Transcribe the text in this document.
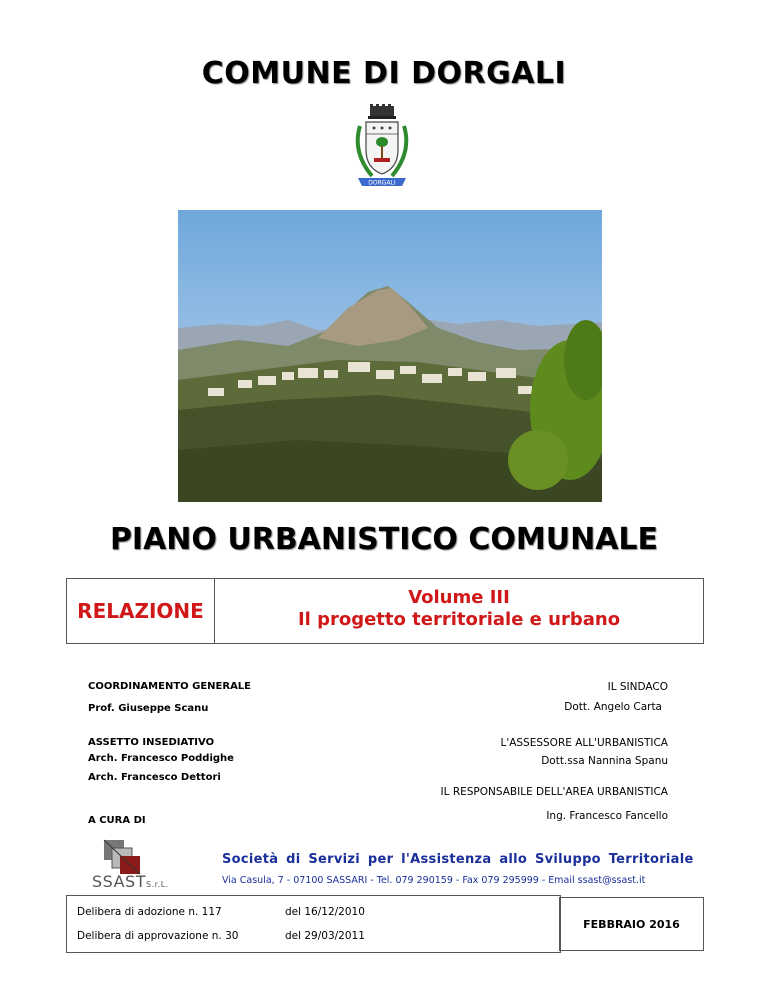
COMUNE DI DORGALI
DORGALI
PIANO URBANISTICO COMUNALE
RELAZIONE
Volume III
Il progetto territoriale e urbano
COORDINAMENTO GENERALE
Prof. Giuseppe Scanu
ASSETTO INSEDIATIVO
Arch. Francesco Poddighe
Arch. Francesco Dettori
A CURA DI
IL SINDACO
Dott. Angelo Carta
L'ASSESSORE ALL'URBANISTICA
Dott.ssa Nannina Spanu
IL RESPONSABILE DELL'AREA URBANISTICA
Ing. Francesco Fancello
SSASTS.r.L.
Società di Servizi per l'Assistenza allo Sviluppo Territoriale
Via Casula, 7 - 07100 SASSARI - Tel. 079 290159 - Fax 079 295999 - Email ssast@ssast.it
Delibera di adozione n. 117	del 16/12/2010
Delibera di approvazione n. 30	del 29/03/2011
FEBBRAIO 2016
